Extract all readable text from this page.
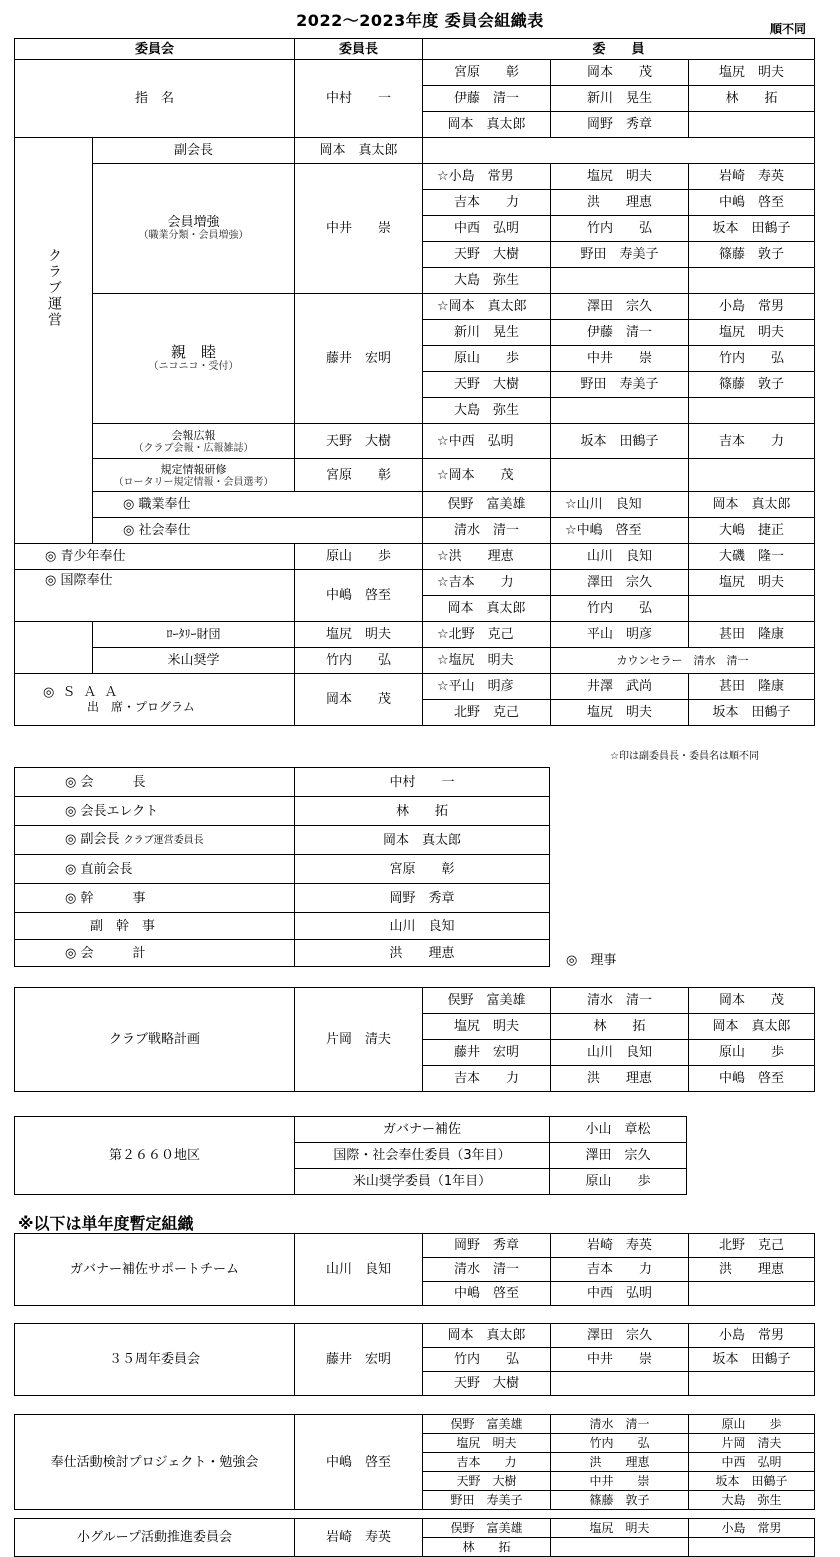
2022〜2023年度 委員会組織表	順不同
委員会		委員長	委　　員			
指　名		中村　　一	宮原　　彰	岡本　　茂	塩尻　明夫	
			伊藤　清一	新川　晃生	林　　拓	
			岡本　真太郎	岡野　秀章		
クラブ運営	副会長	岡本　真太郎				
	会員増強
（職業分類・会員増強）	中井　　崇	☆小島　常男	塩尻　明夫	岩崎　寿英	
			吉本　　力	洪　　理恵	中嶋　啓至	
			中西　弘明	竹内　　弘	坂本　田鶴子	
			天野　大樹	野田　寿美子	篠藤　敦子	
			大島　弥生			
	親　睦
（ニコニコ・受付）	藤井　宏明	☆岡本　真太郎	澤田　宗久	小島　常男	
			新川　晃生	伊藤　清一	塩尻　明夫	
			原山　　歩	中井　　崇	竹内　　弘	
			天野　大樹	野田　寿美子	篠藤　敦子	
			大島　弥生			
	会報広報
（クラブ会報・広報雑誌）	天野　大樹	☆中西　弘明	坂本　田鶴子	吉本　　力	
	規定情報研修
（ロータリー規定情報・会員選考）	宮原　　彰	☆岡本　　茂			
	◎ 職業奉仕		俣野　富美雄	☆山川　良知	岡本　真太郎	
	◎ 社会奉仕		清水　清一	☆中嶋　啓至	大嶋　捷正	
◎ 青少年奉仕		原山　　歩	☆洪　　理恵	山川　良知	大磯　隆一	
◎ 国際奉仕		中嶋　啓至	☆吉本　　力	澤田　宗久	塩尻　明夫	
			岡本　真太郎	竹内　　弘		
	ﾛｰﾀﾘｰ財団	塩尻　明夫	☆北野　克己	平山　明彦	甚田　隆康	
	米山奨学	竹内　　弘	☆塩尻　明夫	カウンセラー　清水　清一		
◎ＳＡＡ
出　席・プログラム		岡本　　茂	☆平山　明彦	井澤　武尚	甚田　隆康	
			北野　克己	塩尻　明夫	坂本　田鶴子	
☆印は副委員長・委員名は順不同
◎ 会　　　長	中村　　一
◎ 会長エレクト	林　　拓
◎ 副会長 クラブ運営委員長	岡本　真太郎
◎ 直前会長	宮原　　彰
◎ 幹　　　事	岡野　秀章
副　幹　事	山川　良知
◎ 会　　　計	洪　　理恵	◎　理事
クラブ戦略計画	片岡　清夫	俣野　富美雄	清水　清一	岡本　　茂
		塩尻　明夫	林　　拓	岡本　真太郎
		藤井　宏明	山川　良知	原山　　歩
		吉本　　力	洪　　理恵	中嶋　啓至
第２６６０地区	ガバナー補佐	小山　章松
	国際・社会奉仕委員（3年目）	澤田　宗久
	米山奨学委員（1年目）	原山　　歩
※以下は単年度暫定組織
ガバナー補佐サポートチーム	山川　良知	岡野　秀章	岩崎　寿英	北野　克己
		清水　清一	吉本　　力	洪　　理恵
		中嶋　啓至	中西　弘明	
３５周年委員会	藤井　宏明	岡本　真太郎	澤田　宗久	小島　常男
		竹内　　弘	中井　　崇	坂本　田鶴子
		天野　大樹		
奉仕活動検討プロジェクト・勉強会	中嶋　啓至	俣野　富美雄	清水　清一	原山　　歩
		塩尻　明夫	竹内　　弘	片岡　清夫
		吉本　　力	洪　　理恵	中西　弘明
		天野　大樹	中井　　崇	坂本　田鶴子
		野田　寿美子	篠藤　敦子	大島　弥生
小グループ活動推進委員会	岩崎　寿英	俣野　富美雄	塩尻　明夫	小島　常男
		林　　拓		
